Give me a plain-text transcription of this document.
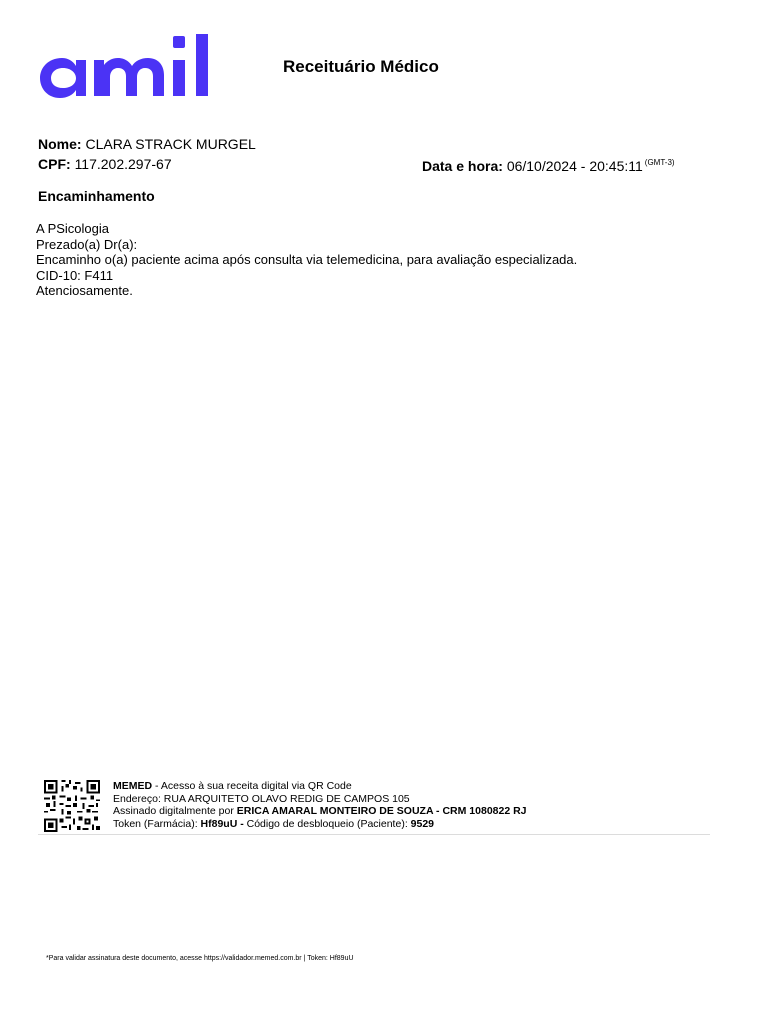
Receituário Médico
Nome: CLARA STRACK MURGEL
CPF: 117.202.297-67	Data e hora: 06/10/2024 - 20:45:11 $^{(GMT-3)}$
Encaminhamento
A PSicologia
Prezado(a) Dr(a):
Encaminho o(a) paciente acima após consulta via telemedicina, para avaliação especializada.
CID-10: F411
Atenciosamente.
MEMED - Acesso à sua receita digital via QR Code
Endereço: RUA ARQUITETO OLAVO REDIG DE CAMPOS 105
Assinado digitalmente por ERICA AMARAL MONTEIRO DE SOUZA - CRM 1080822 RJ
Token (Farmácia): Hf89uU - Código de desbloqueio (Paciente): 9529
*Para validar assinatura deste documento, acesse https://validador.memed.com.br | Token: Hf89uU
